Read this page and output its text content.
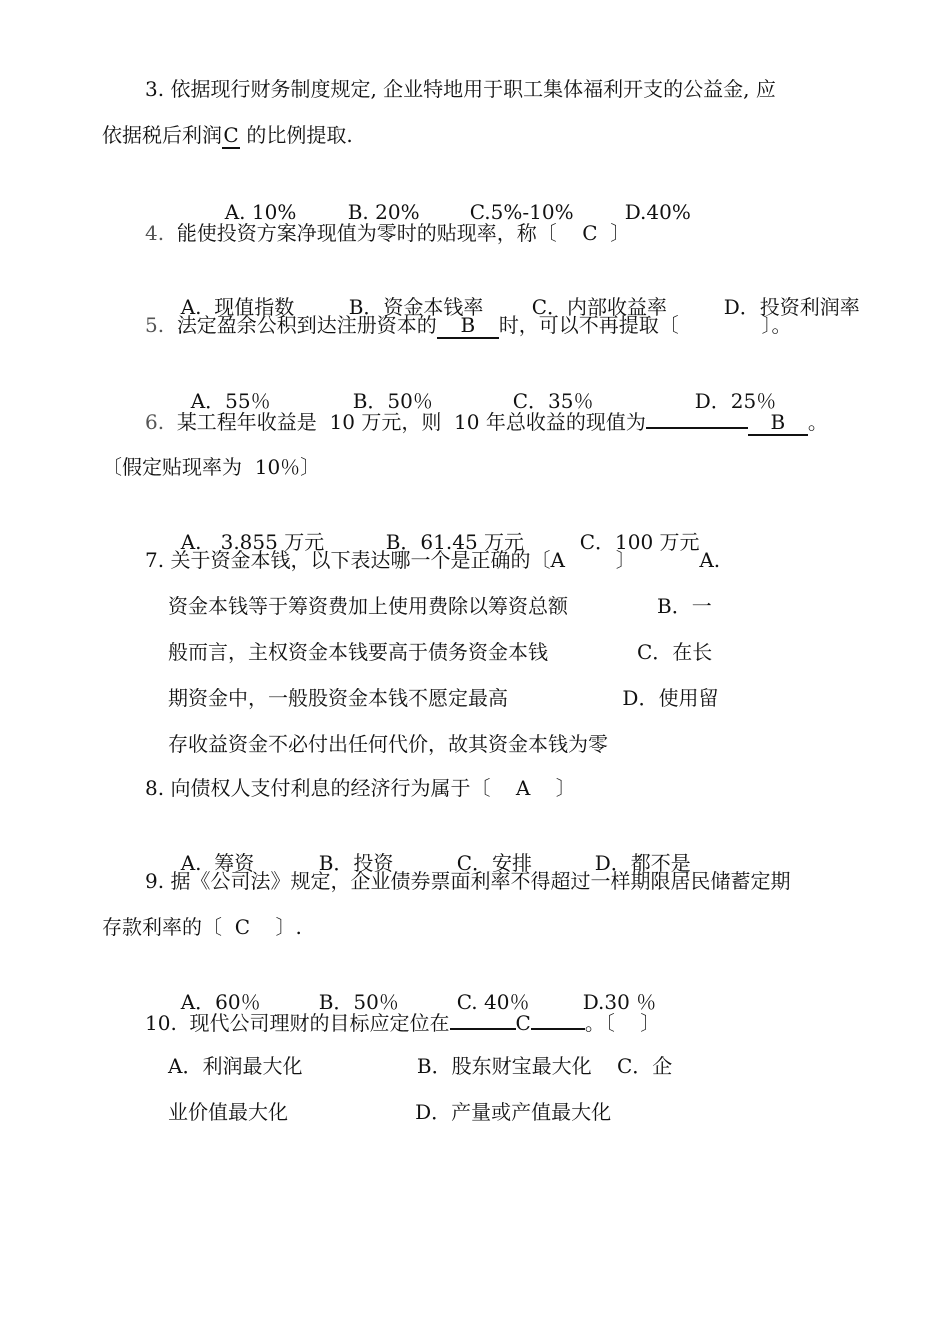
3. 依据现行财务制度规定, 企业特地用于职工集体福利开支的公益金, 应
依据税后利润C 的比例提取.

A. 10%	B. 20%	C.5%-10%	D.40%

4. 能使投资方案净现值为零时的贴现率，称〔 C 〕

A.  现值指数	B．资金本钱率 C．内部收益率	D．投资利润率

5. 法定盈余公积到达注册资本的 B 时，可以不再提取〔	〕。

A．55％	B．50％	C．35％	D．25％

6. 某工程年收益是  10 万元，则  10 年总收益的现值为	B 。
〔假定贴现率为  10％〕

A.   3.855 万元	B．61.45 万元	C．100 万元

7. 关于资金本钱，以下表达哪一个是正确的〔A        〕          A.
资金本钱等于筹资费加上使用费除以筹资总额              B．一
般而言，主权资金本钱要高于债务资金本钱              C．在长
期资金中，一般股资金本钱不愿定最高                  D．使用留
存收益资金不必付出任何代价，故其资金本钱为零
8. 向债权人支付利息的经济行为属于〔    A    〕

A.  筹资	B．投资	C．安排	D．都不是

9. 据《公司法》规定，企业债券票面利率不得超过一样期限居民储蓄定期
存款利率的〔  C    〕.

A．60％	B．50％	C. 40％	D.30 ％

10. 现代公司理财的目标应定位在	C	。〔    〕
A．利润最大化                  B．股东财宝最大化    C．企
业价值最大化                    D．产量或产值最大化
